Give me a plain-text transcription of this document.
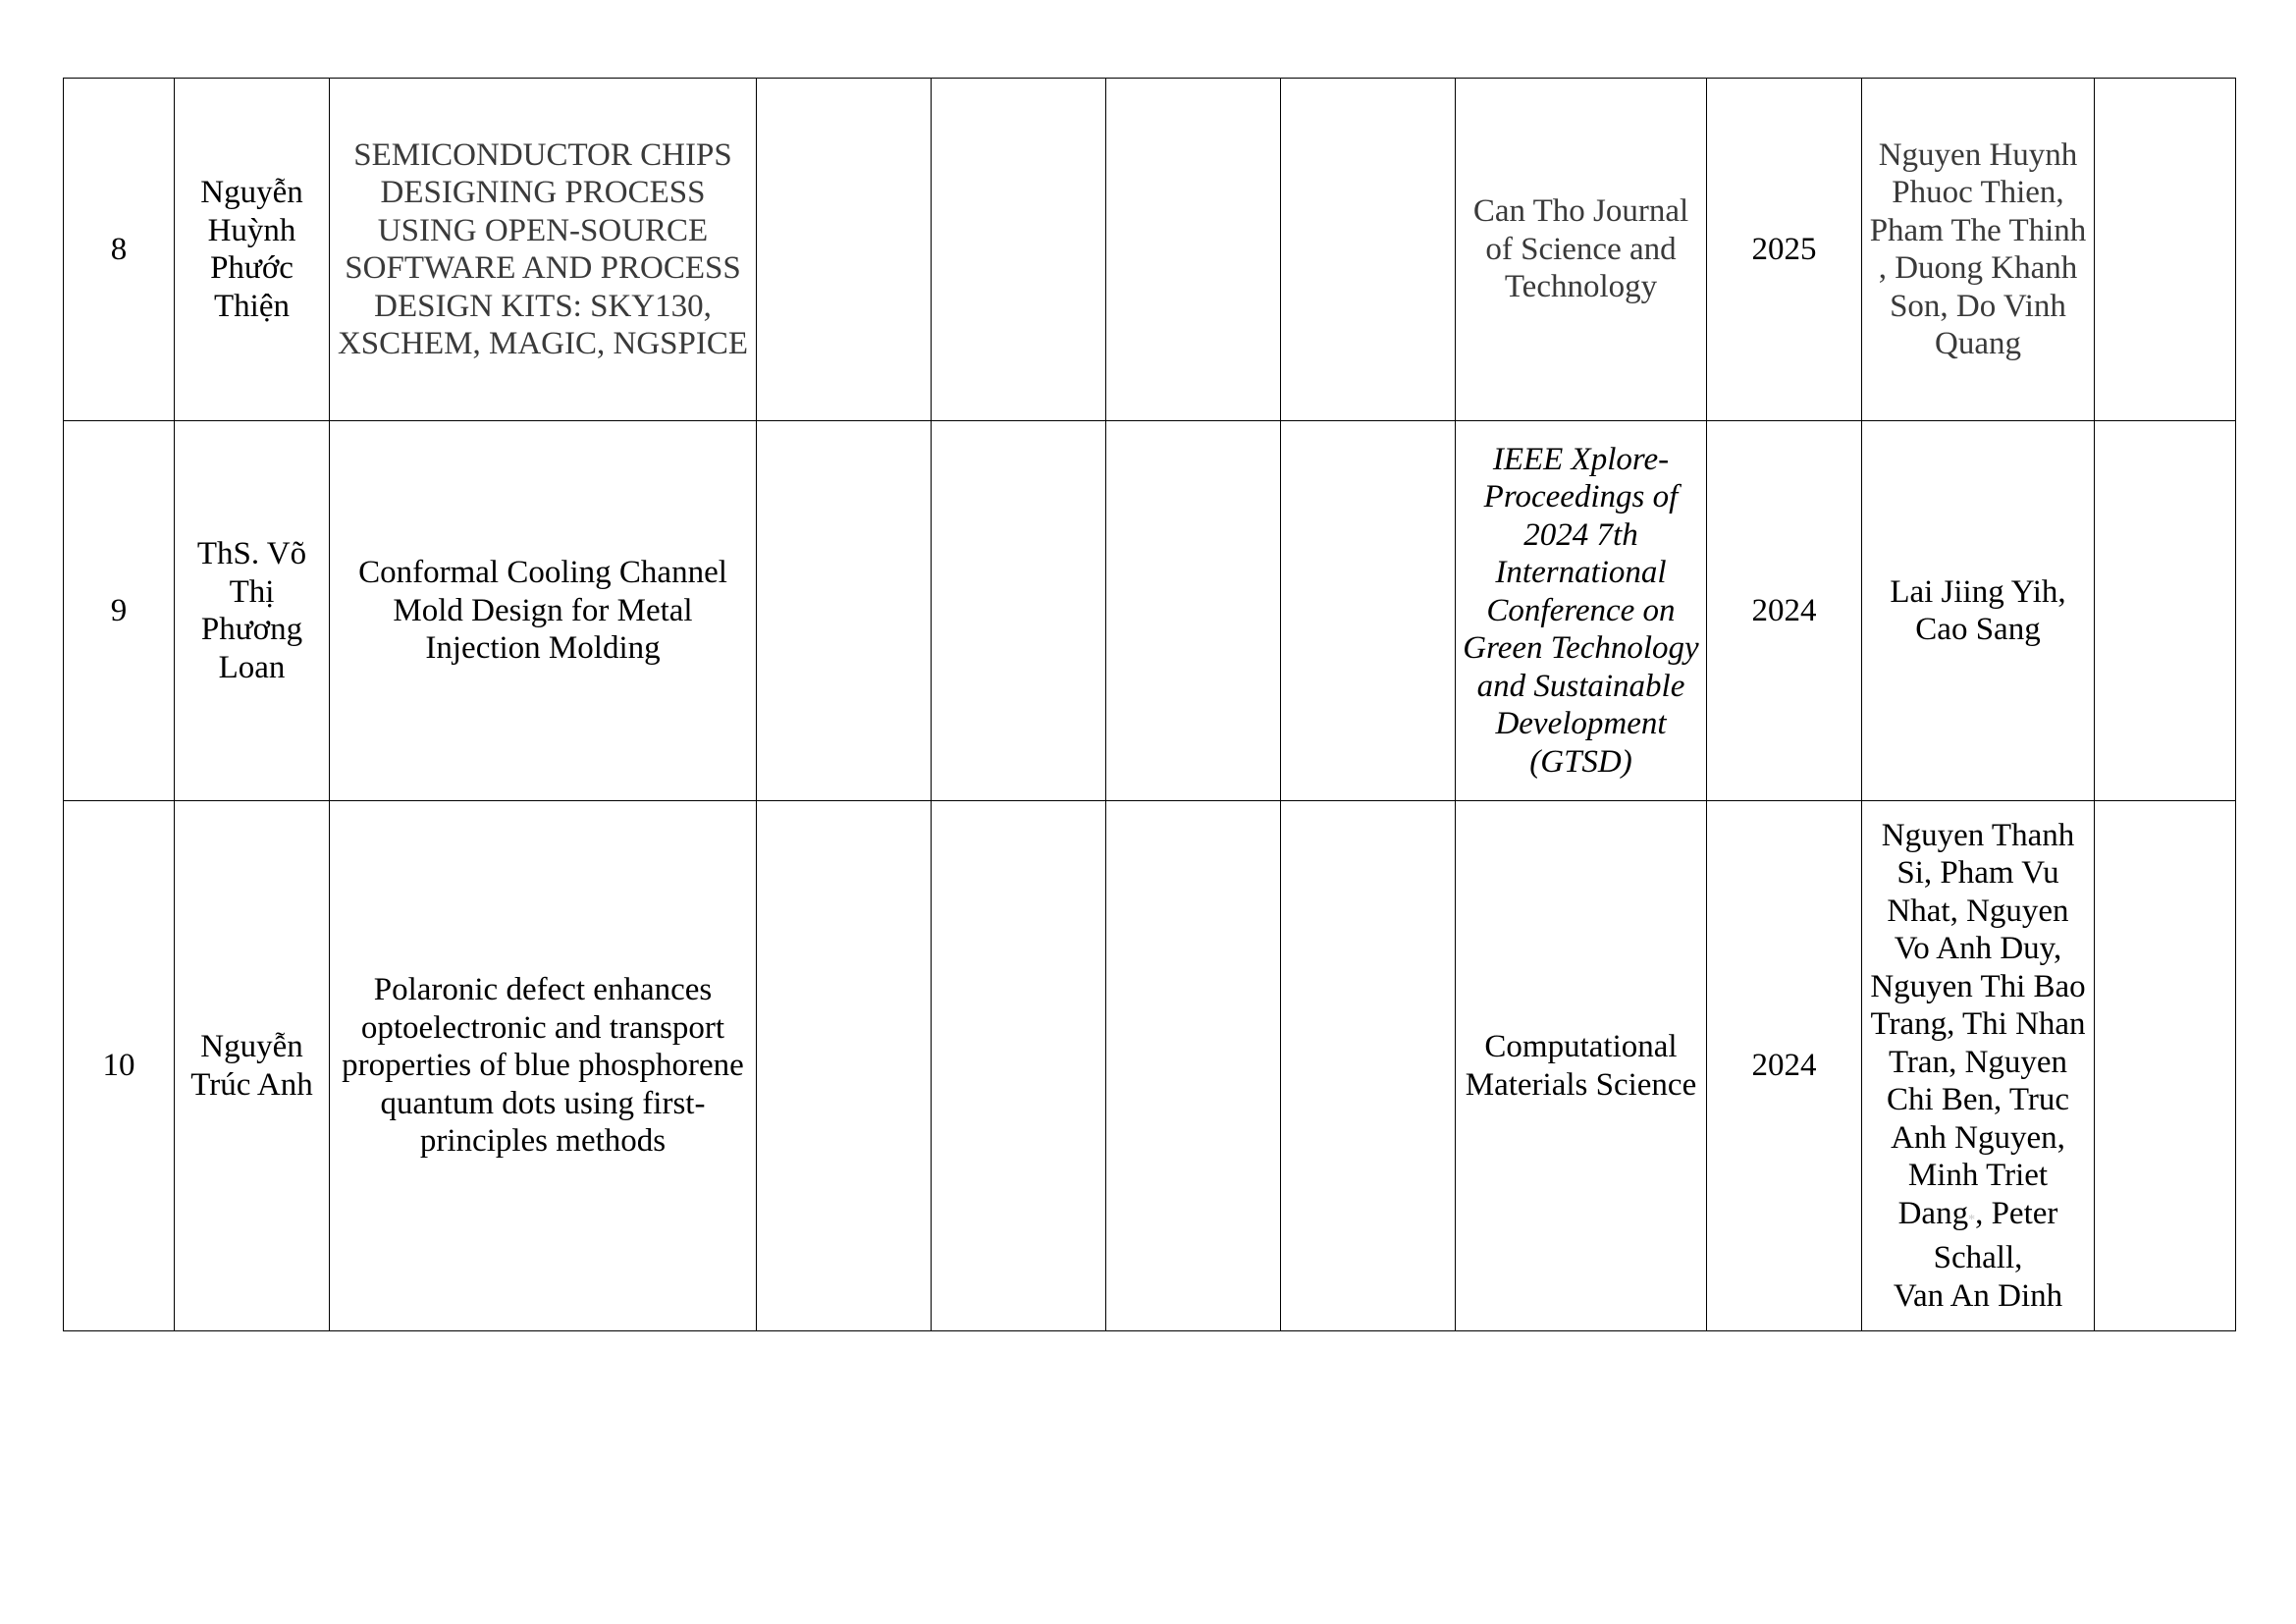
8	Nguyễn Huỳnh Phước Thiện	SEMICONDUCTOR CHIPS DESIGNING PROCESS USING OPEN-SOURCE SOFTWARE AND PROCESS DESIGN KITS: SKY130, XSCHEM, MAGIC, NGSPICE					Can Tho Journal of Science and Technology	2025	Nguyen Huynh Phuoc Thien, Pham The Thinh
, Duong Khanh Son, Do Vinh Quang	
9	ThS. Võ Thị Phương Loan	Conformal Cooling Channel Mold Design for Metal Injection Molding					IEEE Xplore-Proceedings of 2024 7th International Conference on Green Technology and Sustainable Development (GTSD)	2024	Lai Jiing Yih, Cao Sang	
10	Nguyễn Trúc Anh	Polaronic defect enhances optoelectronic and transport properties of blue phosphorene quantum dots using first-principles methods					Computational Materials Science	2024	Nguyen Thanh Si, Pham Vu Nhat, Nguyen Vo Anh Duy, Nguyen Thi Bao Trang, Thi Nhan Tran, Nguyen Chi Ben, Truc Anh Nguyen, Minh Triet Dang*, Peter Schall,
Van An Dinh	
